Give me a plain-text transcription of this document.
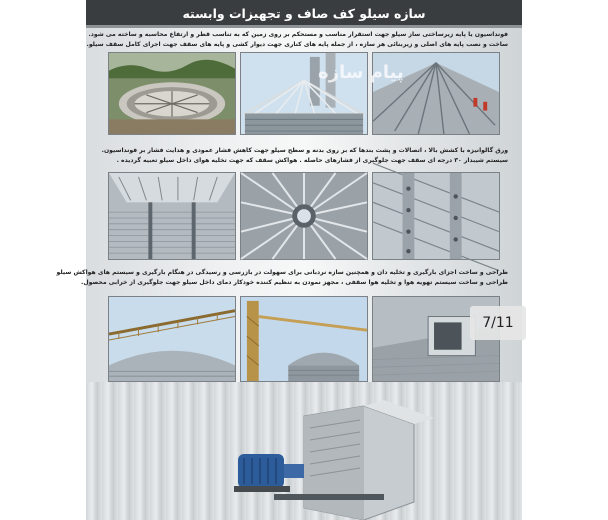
سازه سیلو کف صاف و تجهیزات وابسته

فونداسیون یا پایه زیرساختی ساز سیلو جهت استقرار مناسب و مستحکم بر روی زمین که به تناسب قطر و ارتفاع محاسبه و ساخته می شود.

ساخت و نصب پایه های اصلی و زیربنائی هر سازه ، از جمله پایه های کناری جهت دیوار کشی و پایه های سقف جهت اجرای کامل سقف سیلو.

ورق گالوانیزه با کشش بالا ، اتصالات و پشت بندها که بر روی بدنه و سطح سیلو جهت کاهش فشار عمودی و هدایت فشار بر فونداسیون.

سیستم شیبدار ۳۰ درجه ای سقف جهت جلوگیری از فشارهای حاصله . هواکش سقف که جهت تخلیه هوای داخل سیلو تعبیه گردیده .

طراحی و ساخت اجزای بارگیری و تخلیه دان و همچنین سازه نردبانی برای سهولت در بازرسی و رسیدگی در هنگام بارگیری و سیستم های هواکش سیلو

طراحی و ساخت سیستم تهویه هوا و تخلیه هوا سقفی ، مجهز نمودن به تنظیم کننده خودکار دمای داخل سیلو جهت جلوگیری از خرابی محصول.

پیام سازه
7/11
